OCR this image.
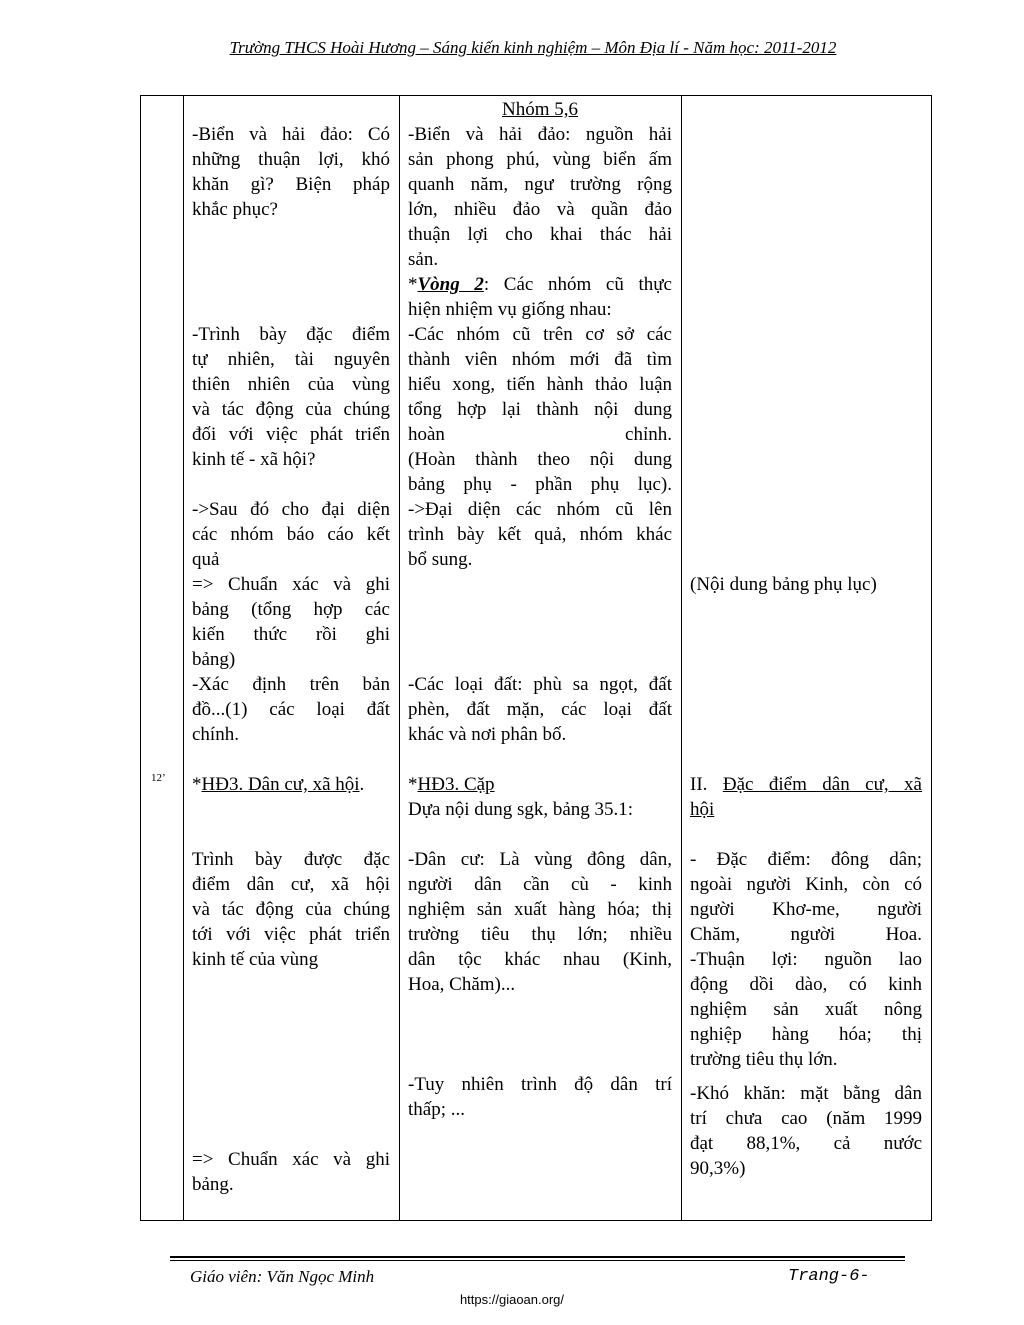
Trường THCS Hoài Hương – Sáng kiến kinh nghiệm – Môn Địa lí - Năm học: 2011-2012
12’
-Biển và hải đảo: Có
những thuận lợi, khó
khăn gì? Biện pháp
khắc phục?
-Trình bày đặc điểm
tự nhiên, tài nguyên
thiên nhiên của vùng
và tác động của chúng
đối với việc phát triển
kinh tế - xã hội?
->Sau đó cho đại diện
các nhóm báo cáo kết
quả
=> Chuẩn xác và ghi
bảng (tổng hợp các
kiến thức rồi ghi
bảng)
-Xác định trên bản
đồ...(1) các loại đất
chính.
*HĐ3. Dân cư, xã hội.
Trình bày được đặc
điểm dân cư, xã hội
và tác động của chúng
tới với việc phát triển
kinh tế của vùng
=> Chuẩn xác và ghi
bảng.
Nhóm 5,6
-Biển và hải đảo: nguồn hải
sản phong phú, vùng biển ấm
quanh năm, ngư trường rộng
lớn, nhiều đảo và quần đảo
thuận lợi cho khai thác hải
sản.
*Vòng 2: Các nhóm cũ thực
hiện nhiệm vụ giống nhau:
-Các nhóm cũ trên cơ sở các
thành viên nhóm mới đã tìm
hiểu xong, tiến hành thảo luận
tổng hợp lại thành nội dung
hoàn chỉnh.
(Hoàn thành theo nội dung
bảng phụ - phần phụ lục).
->Đại diện các nhóm cũ lên
trình bày kết quả, nhóm khác
bổ sung.
-Các loại đất: phù sa ngọt, đất
phèn, đất mặn, các loại đất
khác và nơi phân bố.
*HĐ3. Cặp
Dựa nội dung sgk, bảng 35.1:
-Dân cư: Là vùng đông dân,
người dân cần cù - kinh
nghiệm sản xuất hàng hóa; thị
trường tiêu thụ lớn; nhiều
dân tộc khác nhau (Kinh,
Hoa, Chăm)...
-Tuy nhiên trình độ dân trí
thấp; ...
(Nội dung bảng phụ lục)
II. Đặc điểm dân cư, xã
hội
- Đặc điểm: đông dân;
ngoài người Kinh, còn có
người Khơ-me, người
Chăm, người Hoa.
-Thuận lợi: nguồn lao
động dồi dào, có kinh
nghiệm sản xuất nông
nghiệp hàng hóa; thị
trường tiêu thụ lớn.
-Khó khăn: mặt bằng dân
trí chưa cao (năm 1999
đạt 88,1%, cả nước
90,3%)
Giáo viên: Văn Ngọc Minh	Trang-6-
https://giaoan.org/
